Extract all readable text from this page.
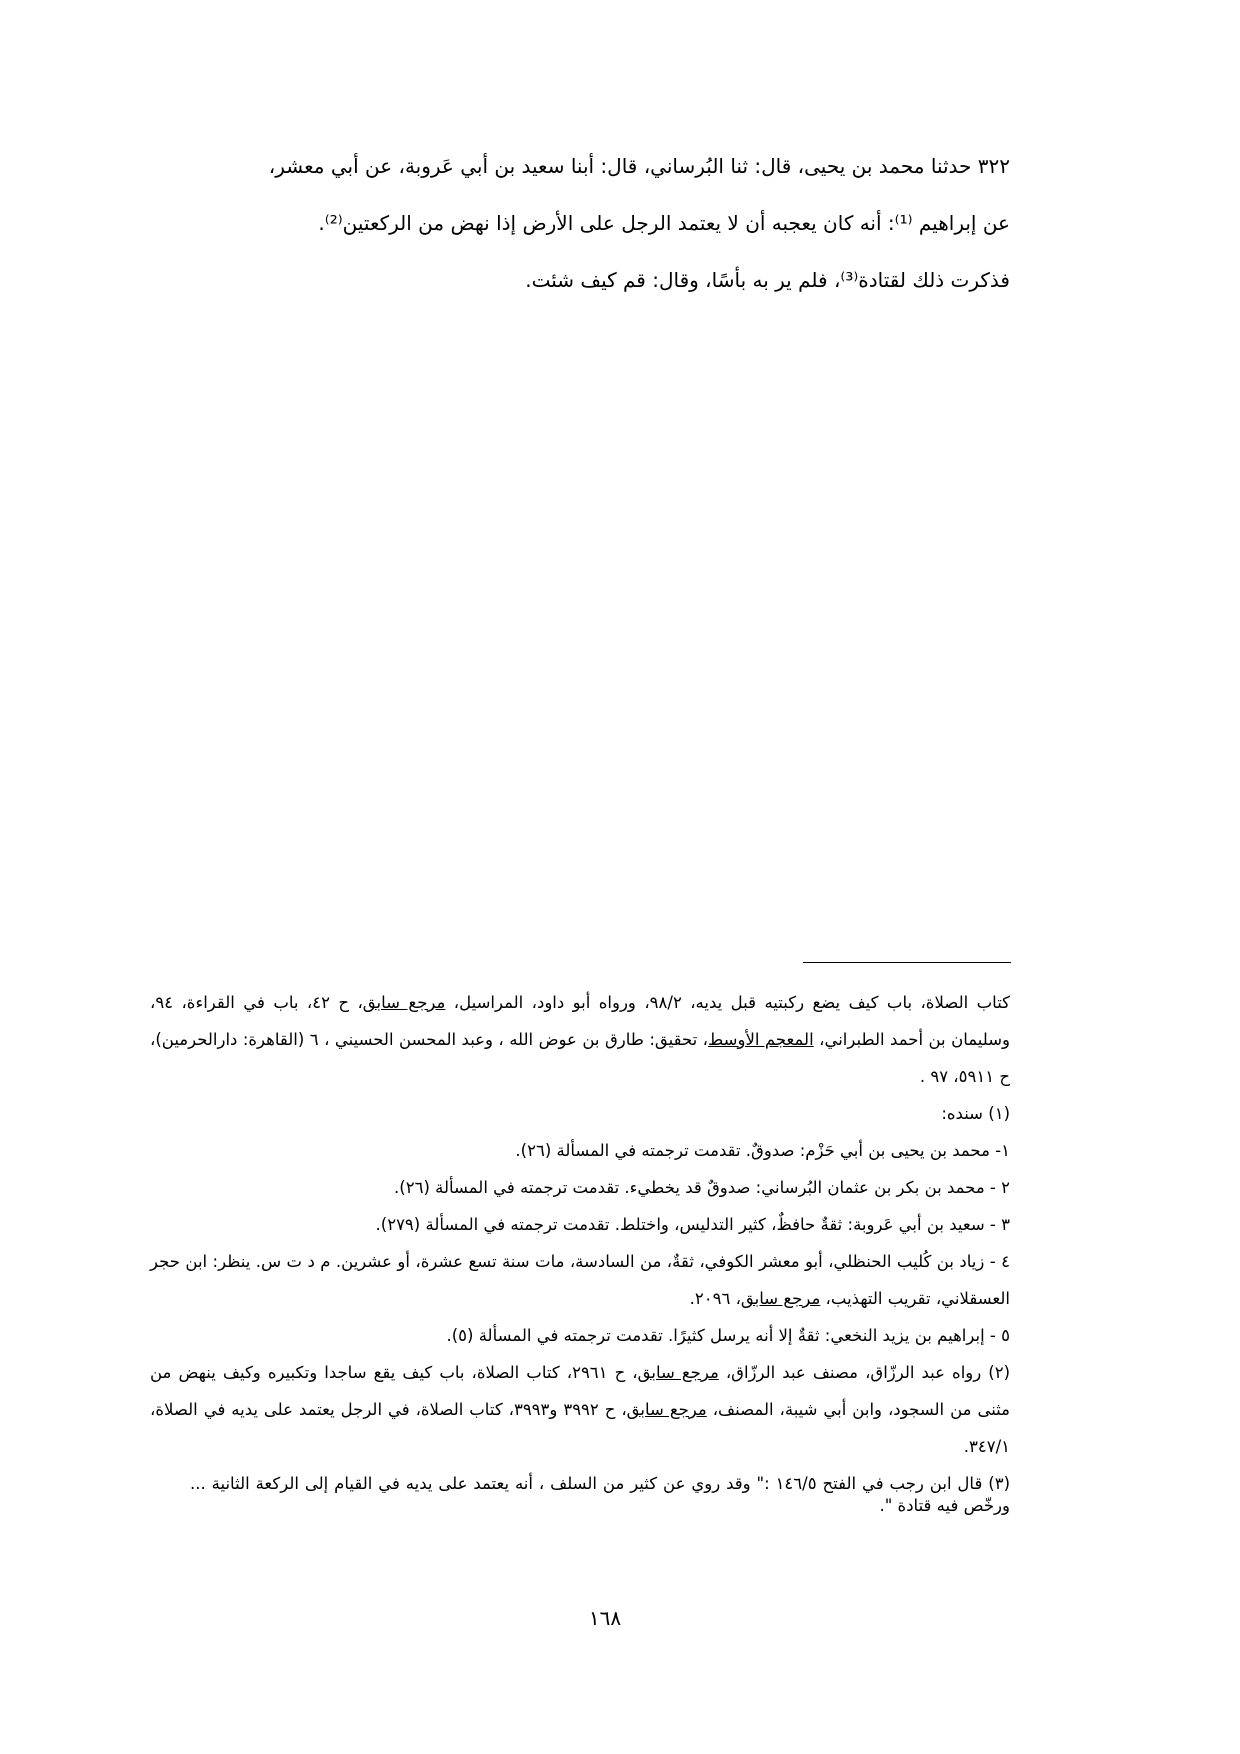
٣٢٢ حدثنا محمد بن يحيى، قال: ثنا البُرساني، قال: أبنا سعيد بن أبي عَروبة، عن أبي معشر،

عن إبراهيم ⁽¹⁾: أنه كان يعجبه أن لا يعتمد الرجل على الأرض إذا نهض من الركعتين⁽²⁾.

فذكرت ذلك لقتادة⁽³⁾، فلم ير به بأسًا، وقال: قم كيف شئت.

كتاب الصلاة، باب كيف يضع ركبتيه قبل يديه، ٩٨/٢، ورواه أبو داود، المراسيل، مرجع سابق، ح ٤٢، باب في القراءة، ٩٤، وسليمان بن أحمد الطبراني، المعجم الأوسط، تحقيق: طارق بن عوض الله ، وعبد المحسن الحسيني ، ٦ (القاهرة: دارالحرمين)، ح ٥٩١١، ٩٧ .

(١) سنده:

١- محمد بن يحيى بن أبي حَزْم: صدوقٌ. تقدمت ترجمته في المسألة (٢٦).

٢ - محمد بن بكر بن عثمان البُرساني: صدوقٌ قد يخطيء. تقدمت ترجمته في المسألة (٢٦).

٣ - سعيد بن أبي عَروبة: ثقةٌ حافظٌ، كثير التدليس، واختلط. تقدمت ترجمته في المسألة (٢٧٩).

٤ - زياد بن كُليب الحنظلي، أبو معشر الكوفي، ثقةٌ، من السادسة، مات سنة تسع عشرة، أو عشرين. م د ت س. ينظر: ابن حجر العسقلاني، تقريب التهذيب، مرجع سابق، ٢٠٩٦.

٥ - إبراهيم بن يزيد النخعي: ثقةٌ إلا أنه يرسل كثيرًا. تقدمت ترجمته في المسألة (٥).

(٢) رواه عبد الرزّاق، مصنف عبد الرزّاق، مرجع سابق، ح ٢٩٦١، كتاب الصلاة، باب كيف يقع ساجدا وتكبيره وكيف ينهض من مثنى من السجود، وابن أبي شيبة، المصنف، مرجع سابق، ح ٣٩٩٢ و٣٩٩٣، كتاب الصلاة، في الرجل يعتمد على يديه في الصلاة، ٣٤٧/١.

(٣) قال ابن رجب في الفتح ١٤٦/٥ :" وقد روي عن كثير من السلف ، أنه يعتمد على يديه في القيام إلى الركعة الثانية ... ورخّص فيه قتادة ".

١٦٨
